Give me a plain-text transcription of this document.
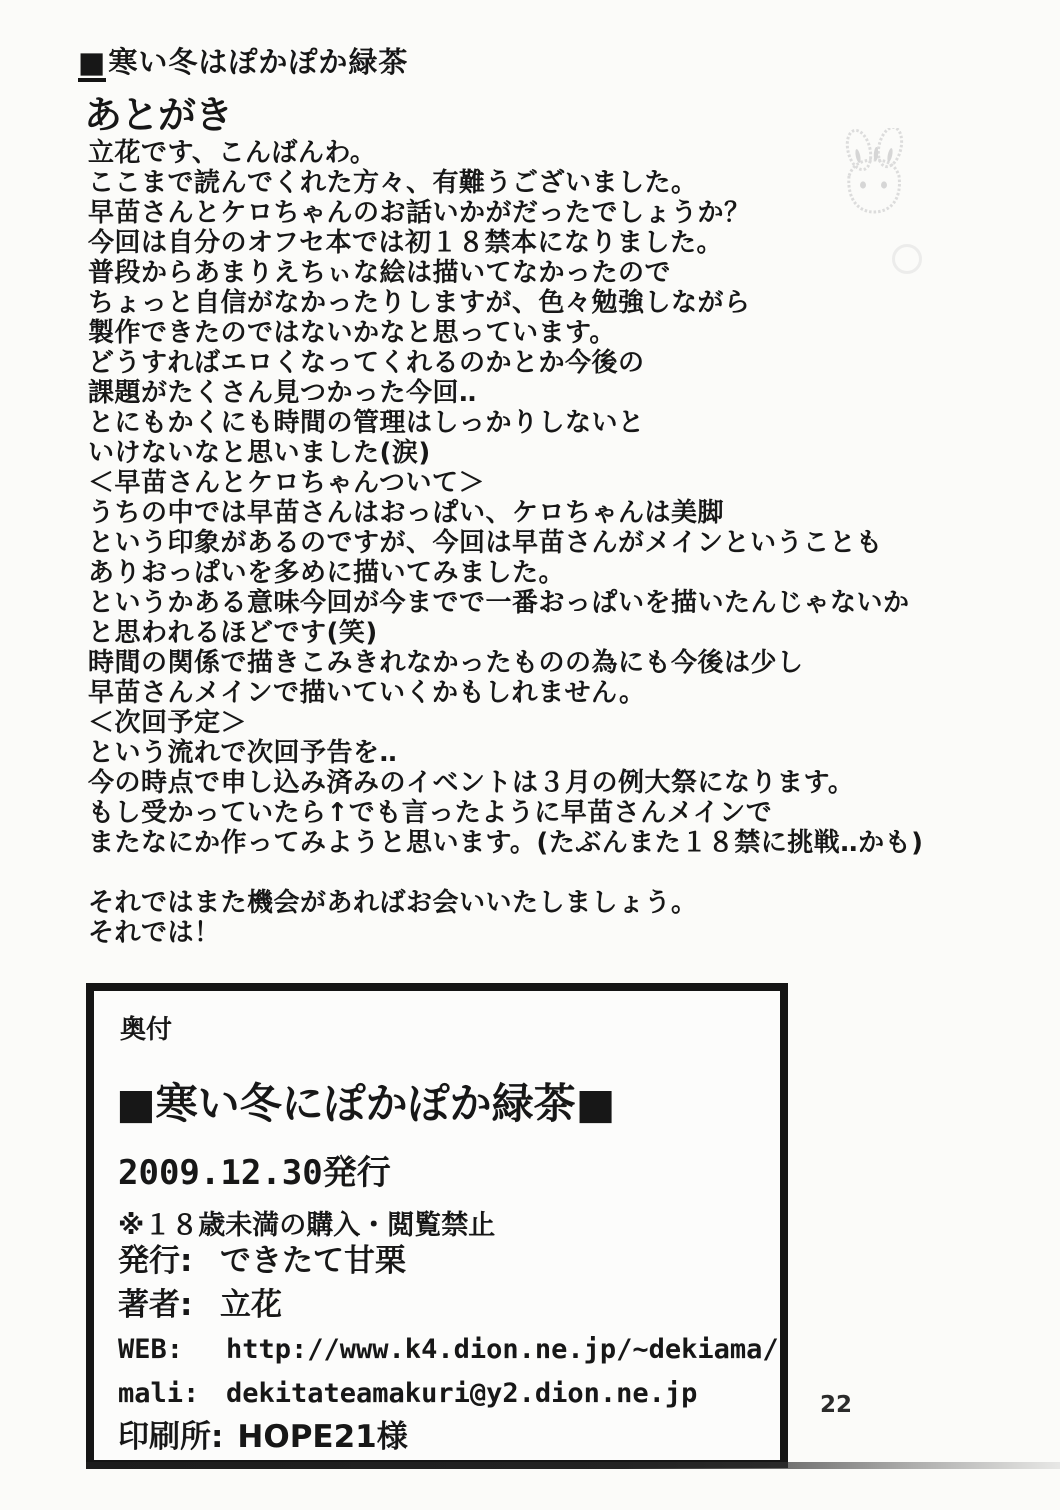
■寒い冬はぽかぽか緑茶
あとがき
立花です、こんばんわ。
ここまで読んでくれた方々、有難うございました。
早苗さんとケロちゃんのお話いかがだったでしょうか？
今回は自分のオフセ本では初１８禁本になりました。
普段からあまりえちぃな絵は描いてなかったので
ちょっと自信がなかったりしますが、色々勉強しながら
製作できたのではないかなと思っています。
どうすればエロくなってくれるのかとか今後の
課題がたくさん見つかった今回‥
とにもかくにも時間の管理はしっかりしないと
いけないなと思いました(涙)
＜早苗さんとケロちゃんついて＞
うちの中では早苗さんはおっぱい、ケロちゃんは美脚
という印象があるのですが、今回は早苗さんがメインということも
ありおっぱいを多めに描いてみました。
というかある意味今回が今までで一番おっぱいを描いたんじゃないか
と思われるほどです(笑)
時間の関係で描きこみきれなかったものの為にも今後は少し
早苗さんメインで描いていくかもしれません。
＜次回予定＞
という流れで次回予告を‥
今の時点で申し込み済みのイベントは３月の例大祭になります。
もし受かっていたら↑でも言ったように早苗さんメインで
またなにか作ってみようと思います。(たぶんまた１８禁に挑戦‥かも)
それではまた機会があればお会いいたしましょう。
それでは！
奥付
■寒い冬にぽかぽか緑茶■
2009.12.30発行
※１８歳未満の購入・閲覧禁止
発行: できたて甘栗
著者: 立花
WEB:	http://www.k4.dion.ne.jp/~dekiama/
mali: dekitateamakuri@y2.dion.ne.jp
印刷所: HOPE21様
22
